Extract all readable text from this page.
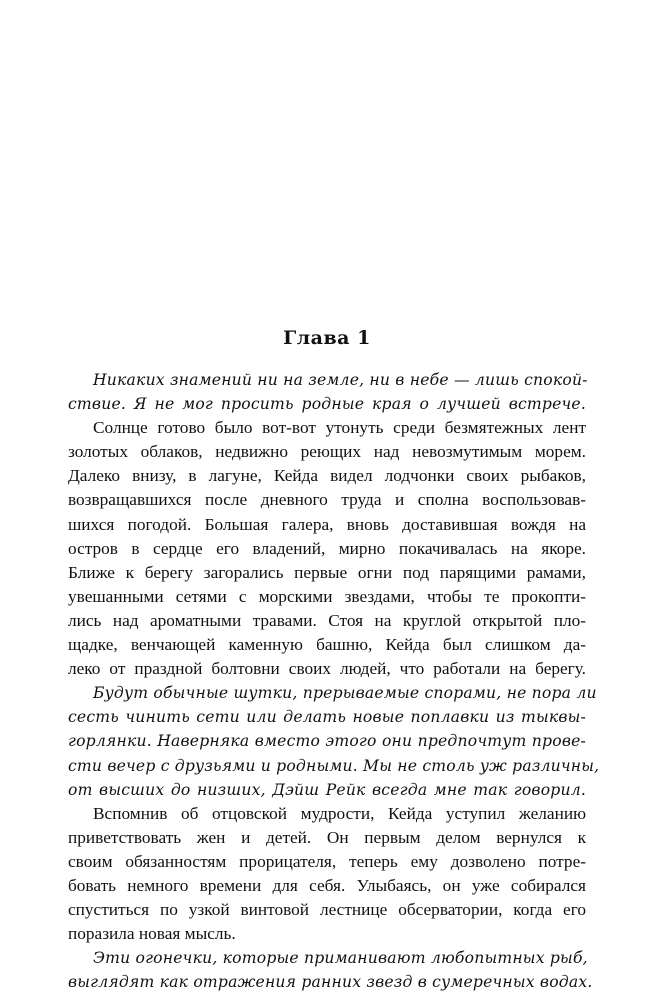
Глава 1
Никаких знамений ни на земле, ни в небе — лишь спокой-
ствие. Я не мог просить родные края о лучшей встрече.
Солнце готово было вот-вот утонуть среди безмятежных лент
золотых облаков, недвижно реющих над невозмутимым морем.
Далеко внизу, в лагуне, Кейда видел лодчонки своих рыбаков,
возвращавшихся после дневного труда и сполна воспользовав-
шихся погодой. Большая галера, вновь доставившая вождя на
остров в сердце его владений, мирно покачивалась на якоре.
Ближе к берегу загорались первые огни под парящими рамами,
увешанными сетями с морскими звездами, чтобы те прокопти-
лись над ароматными травами. Стоя на круглой открытой пло-
щадке, венчающей каменную башню, Кейда был слишком да-
леко от праздной болтовни своих людей, что работали на берегу.
Будут обычные шутки, прерываемые спорами, не пора ли
сесть чинить сети или делать новые поплавки из тыквы-
горлянки. Наверняка вместо этого они предпочтут прове-
сти вечер с друзьями и родными. Мы не столь уж различны,
от высших до низших, Дэйш Рейк всегда мне так говорил.
Вспомнив об отцовской мудрости, Кейда уступил желанию
приветствовать жен и детей. Он первым делом вернулся к
своим обязанностям прорицателя, теперь ему дозволено потре-
бовать немного времени для себя. Улыбаясь, он уже собирался
спуститься по узкой винтовой лестнице обсерватории, когда его
поразила новая мысль.
Эти огонечки, которые приманивают любопытных рыб,
выглядят как отражения ранних звезд в сумеречных водах.
